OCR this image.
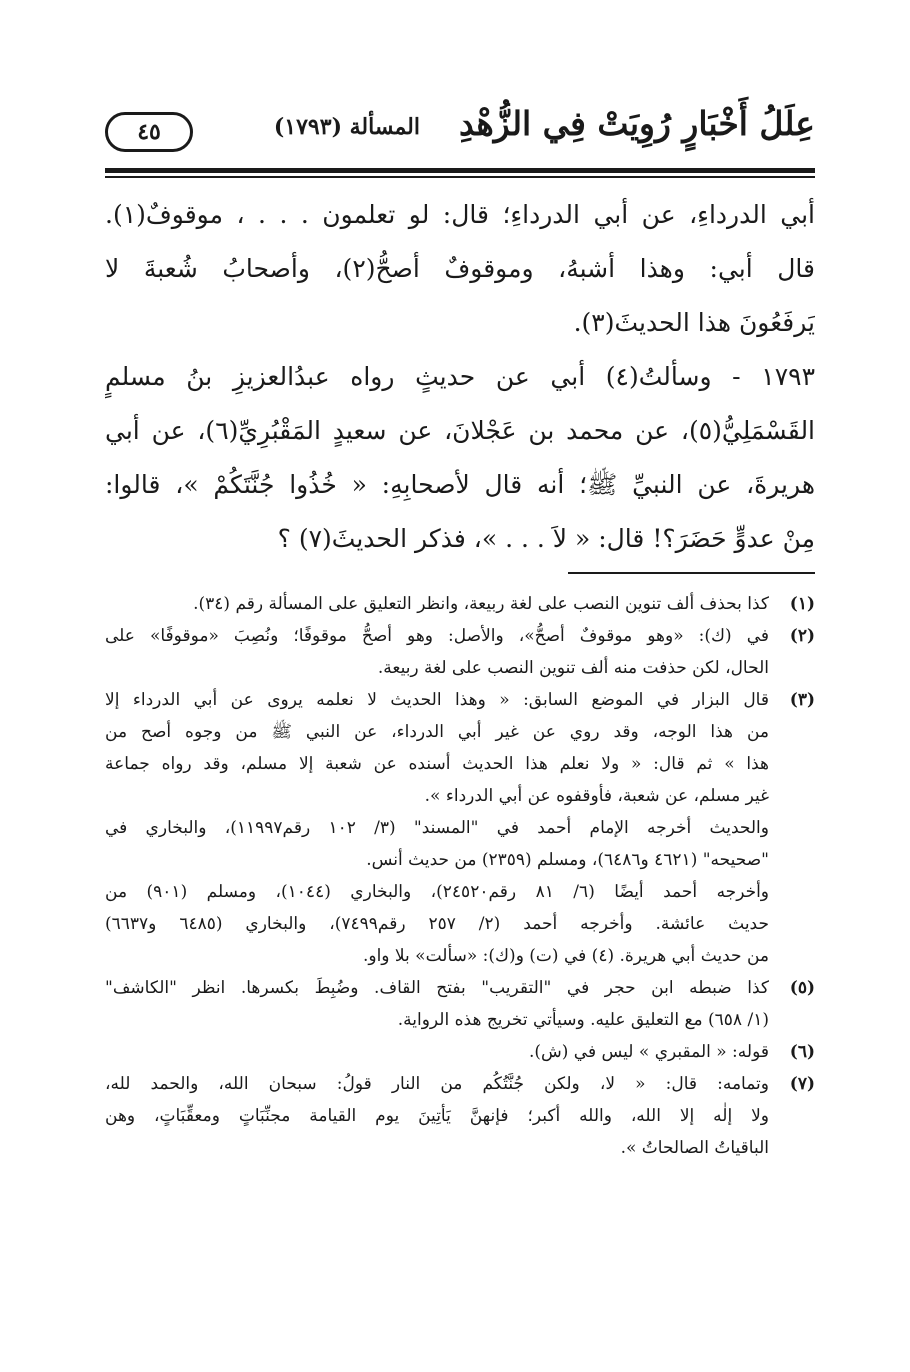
عِلَلُ أَخْبَارٍ رُوِيَتْ فِي الزُّهْدِ
المسألة (١٧٩٣)
٤٥
أبي الدرداءِ، عن أبي الدرداءِ؛ قال: لو تعلمون . . . ، موقوفٌ(١).
قال أبي: وهذا أشبهُ، وموقوفٌ أصحُّ(٢)، وأصحابُ شُعبةَ لا
يَرفَعُونَ هذا الحديثَ(٣).
١٧٩٣ - وسألتُ(٤) أبي عن حديثٍ رواه عبدُالعزيزِ بنُ مسلمٍ
القَسْمَلِيُّ(٥)، عن محمد بن عَجْلانَ، عن سعيدٍ المَقْبُرِيِّ(٦)، عن أبي
هريرةَ، عن النبيِّ ﷺ؛ أنه قال لأصحابِهِ: « خُذُوا جُنَّتَكُمْ »، قالوا:
مِنْ عدوٍّ حَضَرَ؟! قال: « لاَ . . . »، فذكر الحديثَ(٧) ؟
(١)
كذا بحذف ألف تنوين النصب على لغة ربيعة، وانظر التعليق على المسألة رقم (٣٤).
(٢)
في (ك): «وهو موقوفٌ أصحُّ»، والأصل: وهو أصحُّ موقوفًا؛ ونُصِبَ «موقوفًا» على
الحال، لكن حذفت منه ألف تنوين النصب على لغة ربيعة.
(٣)
قال البزار في الموضع السابق: « وهذا الحديث لا نعلمه يروى عن أبي الدرداء إلا
من هذا الوجه، وقد روي عن غير أبي الدرداء، عن النبي ﷺ من وجوه أصح من
هذا » ثم قال: « ولا نعلم هذا الحديث أسنده عن شعبة إلا مسلم، وقد رواه جماعة
غير مسلم، عن شعبة، فأوقفوه عن أبي الدرداء ».
والحديث أخرجه الإمام أحمد في "المسند" (٣/ ١٠٢ رقم١١٩٩٧)، والبخاري في
"صحيحه" (٤٦٢١ و٦٤٨٦)، ومسلم (٢٣٥٩) من حديث أنس.
وأخرجه أحمد أيضًا (٦/ ٨١ رقم٢٤٥٢٠)، والبخاري (١٠٤٤)، ومسلم (٩٠١) من
حديث عائشة. وأخرجه أحمد (٢/ ٢٥٧ رقم٧٤٩٩)، والبخاري (٦٤٨٥ و٦٦٣٧)
من حديث أبي هريرة. (٤) في (ت) و(ك): «سألت» بلا واو.
(٥)
كذا ضبطه ابن حجر في "التقريب" بفتح القاف. وضُبِطَ بكسرها. انظر "الكاشف"
(١/ ٦٥٨) مع التعليق عليه. وسيأتي تخريج هذه الرواية.
(٦)
قوله: « المقبري » ليس في (ش).
(٧)
وتمامه: قال: « لا، ولكن جُنَّتُكُم من النار قولُ: سبحان الله، والحمد لله،
ولا إلٰه إلا الله، والله أكبر؛ فإنهنَّ يَأتِينَ يوم القيامة مجنِّبَاتٍ ومعقِّبَاتٍ، وهن
الباقياتُ الصالحاتُ ».
